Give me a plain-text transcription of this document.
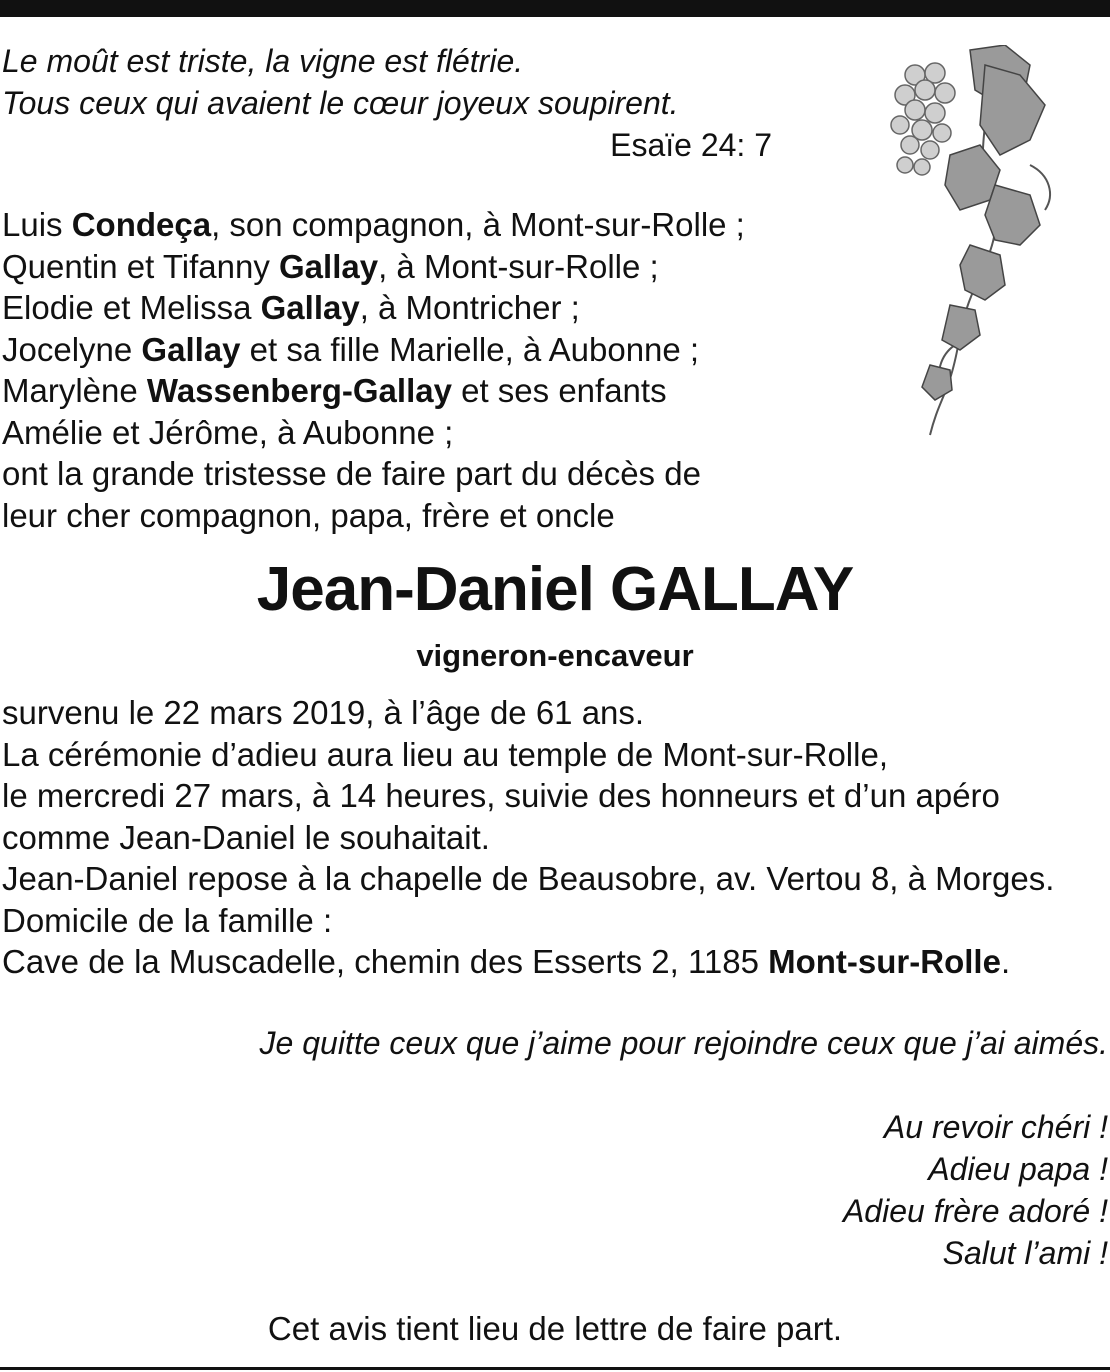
Le moût est triste, la vigne est flétrie.
Tous ceux qui avaient le cœur joyeux soupirent.
Esaïe 24: 7
Luis Condeça, son compagnon, à Mont-sur-Rolle ;
Quentin et Tifanny Gallay, à Mont-sur-Rolle ;
Elodie et Melissa Gallay, à Montricher ;
Jocelyne Gallay et sa fille Marielle, à Aubonne ;
Marylène Wassenberg-Gallay et ses enfants
Amélie et Jérôme, à Aubonne ;
ont la grande tristesse de faire part du décès de
leur cher compagnon, papa, frère et oncle
Jean-Daniel GALLAY
vigneron-encaveur
survenu le 22 mars 2019, à l’âge de 61 ans.
La cérémonie d’adieu aura lieu au temple de Mont-sur-Rolle,
le mercredi 27 mars, à 14 heures, suivie des honneurs et d’un apéro
comme Jean-Daniel le souhaitait.
Jean-Daniel repose à la chapelle de Beausobre, av. Vertou 8, à Morges.
Domicile de la famille :
Cave de la Muscadelle, chemin des Esserts 2, 1185 Mont-sur-Rolle.
Je quitte ceux que j’aime pour rejoindre ceux que j’ai aimés.
Au revoir chéri !
Adieu papa !
Adieu frère adoré !
Salut l’ami !
Cet avis tient lieu de lettre de faire part.
